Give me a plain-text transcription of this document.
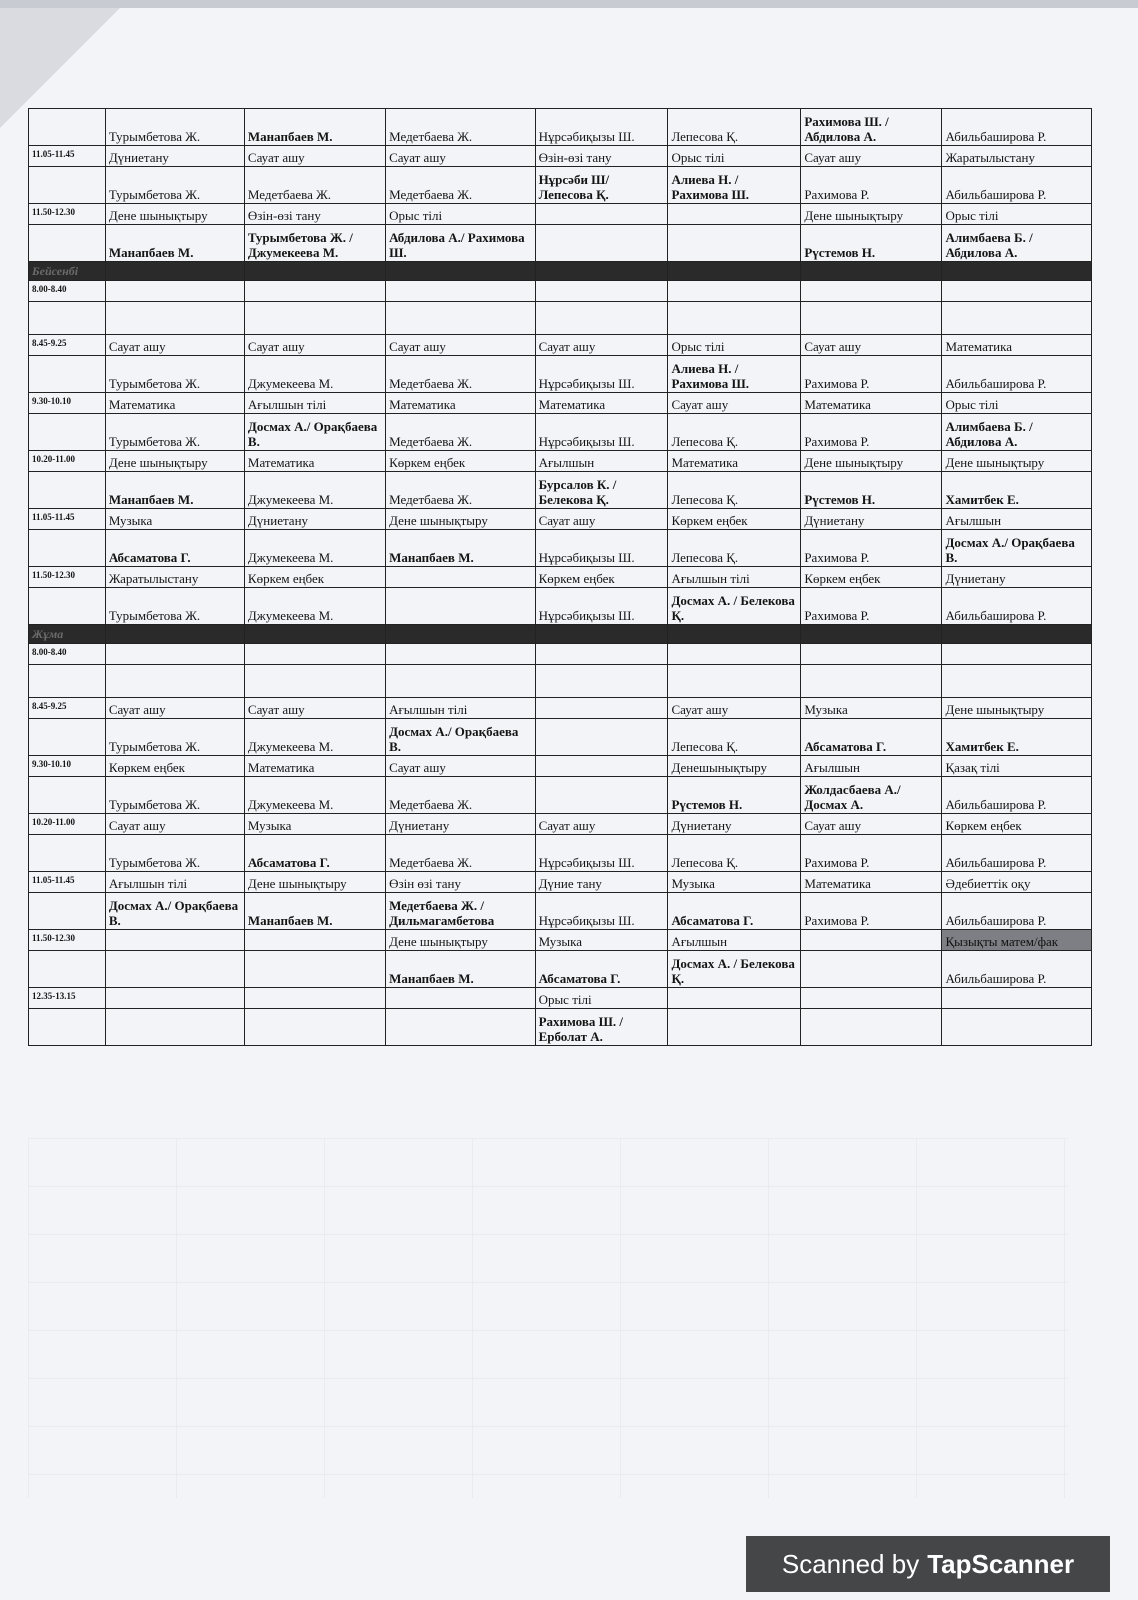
	Турымбетова Ж.	Манапбаев М.	Медетбаева Ж.	Нұрсәбиқызы Ш.	Лепесова Қ.	Рахимова Ш. / Абдилова А.	Абильбаширова Р.
11.05-11.45	Дүниетану	Сауат ашу	Сауат ашу	Өзін-өзі тану	Орыс тілі	Сауат ашу	Жаратылыстану
	Турымбетова Ж.	Медетбаева Ж.	Медетбаева Ж.	Нұрсәби Ш/ Лепесова Қ.	Алиева Н. / Рахимова Ш.	Рахимова Р.	Абильбаширова Р.
11.50-12.30	Дене шынықтыру	Өзін-өзі тану	Орыс тілі			Дене шынықтыру	Орыс тілі
	Манапбаев М.	Турымбетова Ж. / Джумекеева М.	Абдилова А./ Рахимова Ш.			Рүстемов Н.	Алимбаева Б. / Абдилова А.
Бейсенбі							
8.00-8.40							

8.45-9.25	Сауат ашу	Сауат ашу	Сауат ашу	Сауат ашу	Орыс тілі	Сауат ашу	Математика
	Турымбетова Ж.	Джумекеева М.	Медетбаева Ж.	Нұрсәбиқызы Ш.	Алиева Н. / Рахимова Ш.	Рахимова Р.	Абильбаширова Р.
9.30-10.10	Математика	Ағылшын тілі	Математика	Математика	Сауат ашу	Математика	Орыс тілі
	Турымбетова Ж.	Досмах А./ Орақбаева В.	Медетбаева Ж.	Нұрсәбиқызы Ш.	Лепесова Қ.	Рахимова Р.	Алимбаева Б. / Абдилова А.
10.20-11.00	Дене шынықтыру	Математика	Көркем еңбек	Ағылшын	Математика	Дене шынықтыру	Дене шынықтыру
	Манапбаев М.	Джумекеева М.	Медетбаева Ж.	Бурсалов К. / Белекова Қ.	Лепесова Қ.	Рүстемов Н.	Хамитбек Е.
11.05-11.45	Музыка	Дүниетану	Дене шынықтыру	Сауат ашу	Көркем еңбек	Дүниетану	Ағылшын
	Абсаматова Г.	Джумекеева М.	Манапбаев М.	Нұрсәбиқызы Ш.	Лепесова Қ.	Рахимова Р.	Досмах А./ Орақбаева В.
11.50-12.30	Жаратылыстану	Көркем еңбек		Көркем еңбек	Ағылшын тілі	Көркем еңбек	Дүниетану
	Турымбетова Ж.	Джумекеева М.		Нұрсәбиқызы Ш.	Досмах А. / Белекова Қ.	Рахимова Р.	Абильбаширова Р.
Жұма							
8.00-8.40							

8.45-9.25	Сауат ашу	Сауат ашу	Ағылшын тілі		Сауат ашу	Музыка	Дене шынықтыру
	Турымбетова Ж.	Джумекеева М.	Досмах А./ Орақбаева В.		Лепесова Қ.	Абсаматова Г.	Хамитбек Е.
9.30-10.10	Көркем еңбек	Математика	Сауат ашу		Денешынықтыру	Ағылшын	Қазақ тілі
	Турымбетова Ж.	Джумекеева М.	Медетбаева Ж.		Рүстемов Н.	Жолдасбаева А./ Досмах А.	Абильбаширова Р.
10.20-11.00	Сауат ашу	Музыка	Дүниетану	Сауат ашу	Дүниетану	Сауат ашу	Көркем еңбек
	Турымбетова Ж.	Абсаматова Г.	Медетбаева Ж.	Нұрсәбиқызы Ш.	Лепесова Қ.	Рахимова Р.	Абильбаширова Р.
11.05-11.45	Ағылшын тілі	Дене шынықтыру	Өзін өзі тану	Дүние тану	Музыка	Математика	Әдебиеттік оқу
	Досмах А./ Орақбаева В.	Манапбаев М.	Медетбаева Ж. / Дильмагамбетова	Нұрсәбиқызы Ш.	Абсаматова Г.	Рахимова Р.	Абильбаширова Р.
11.50-12.30			Дене шынықтыру	Музыка	Ағылшын		Қызықты матем/фак
			Манапбаев М.	Абсаматова Г.	Досмах А. / Белекова Қ.		Абильбаширова Р.
12.35-13.15				Орыс тілі			
				Рахимова Ш. / Ерболат А.			
Scanned by TapScanner
